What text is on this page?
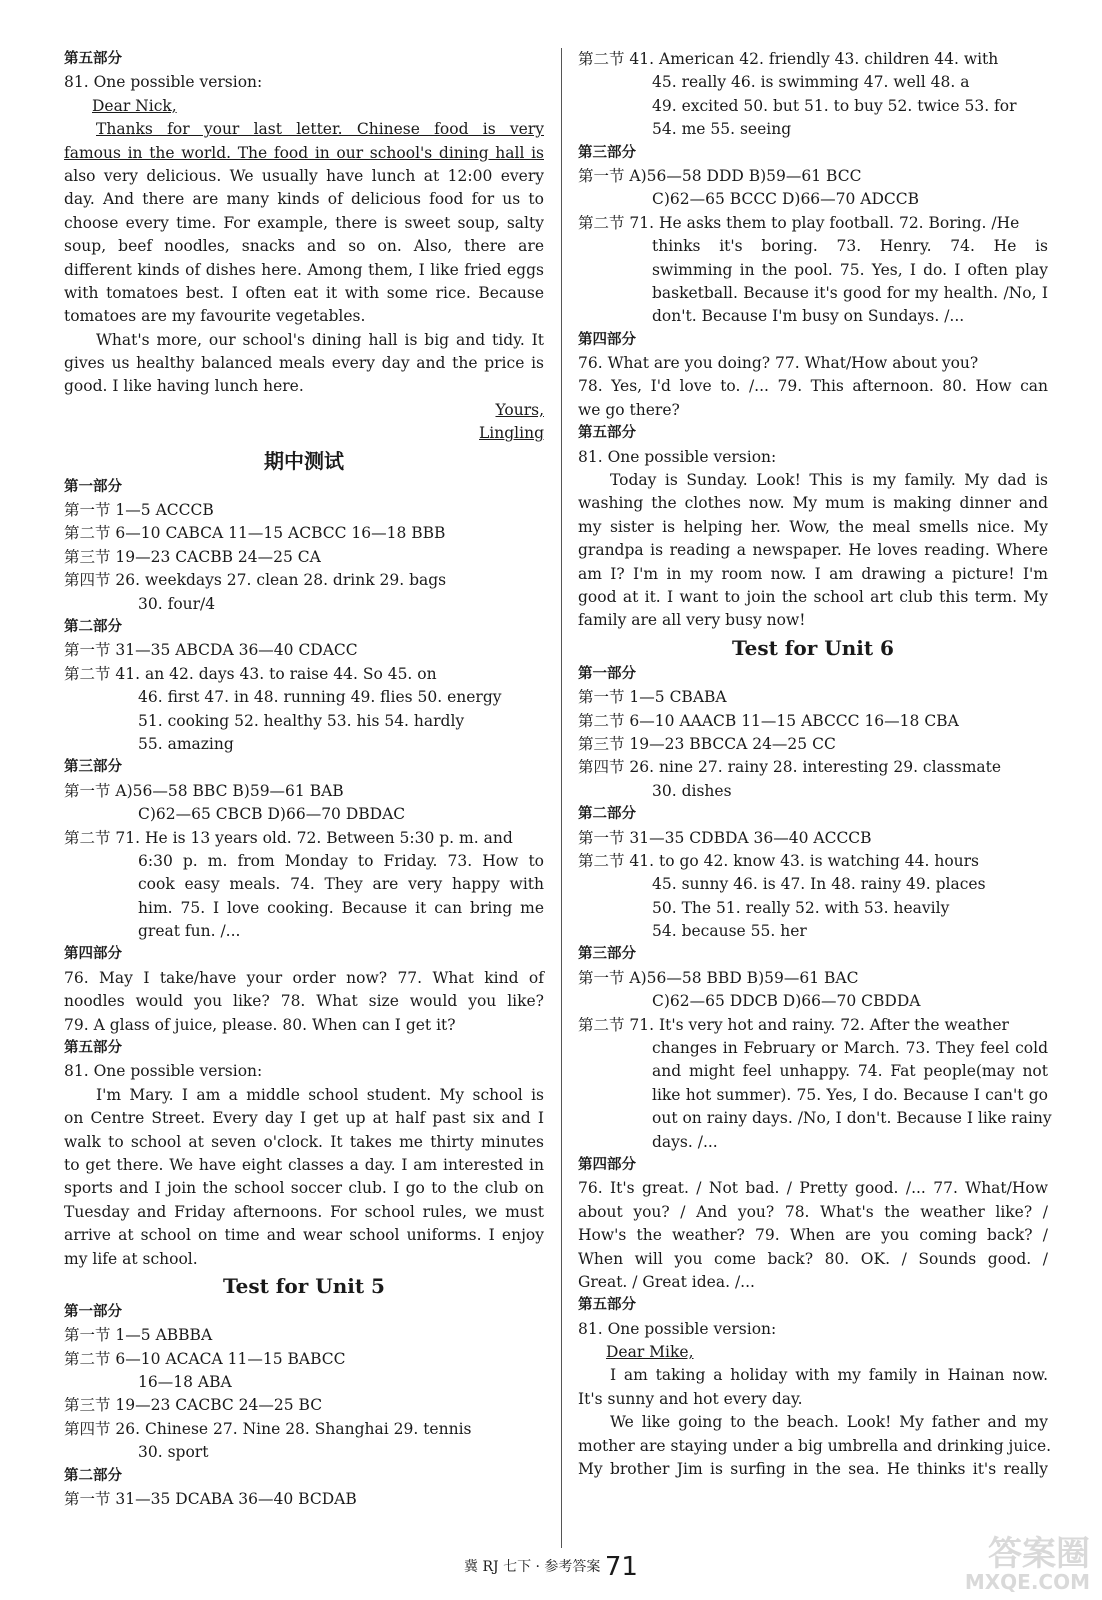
第五部分
81. One possible version:
Dear Nick,
Thanks for your last letter. Chinese food is very
famous in the world. The food in our school's dining hall is
also very delicious. We usually have lunch at 12:00 every
day. And there are many kinds of delicious food for us to
choose every time. For example, there is sweet soup, salty
soup, beef noodles, snacks and so on. Also, there are
different kinds of dishes here. Among them, I like fried eggs
with tomatoes best. I often eat it with some rice. Because
tomatoes are my favourite vegetables.
What's more, our school's dining hall is big and tidy. It
gives us healthy balanced meals every day and the price is
good. I like having lunch here.
Yours,
Lingling
期中测试
第一部分
第一节 1—5 ACCCB
第二节 6—10 CABCA 11—15 ACBCC 16—18 BBB
第三节 19—23 CACBB 24—25 CA
第四节 26. weekdays 27. clean 28. drink 29. bags
30. four/4
第二部分
第一节 31—35 ABCDA 36—40 CDACC
第二节 41. an 42. days 43. to raise 44. So 45. on
46. first 47. in 48. running 49. flies 50. energy
51. cooking 52. healthy 53. his 54. hardly
55. amazing
第三部分
第一节 A)56—58 BBC B)59—61 BAB
C)62—65 CBCB D)66—70 DBDAC
第二节 71. He is 13 years old. 72. Between 5:30 p. m. and
6:30 p. m. from Monday to Friday. 73. How to
cook easy meals. 74. They are very happy with
him. 75. I love cooking. Because it can bring me
great fun. /...
第四部分
76. May I take/have your order now? 77. What kind of
noodles would you like? 78. What size would you like?
79. A glass of juice, please. 80. When can I get it?
第五部分
81. One possible version:
I'm Mary. I am a middle school student. My school is
on Centre Street. Every day I get up at half past six and I
walk to school at seven o'clock. It takes me thirty minutes
to get there. We have eight classes a day. I am interested in
sports and I join the school soccer club. I go to the club on
Tuesday and Friday afternoons. For school rules, we must
arrive at school on time and wear school uniforms. I enjoy
my life at school.
Test for Unit 5
第一部分
第一节 1—5 ABBBA
第二节 6—10 ACACA 11—15 BABCC
16—18 ABA
第三节 19—23 CACBC 24—25 BC
第四节 26. Chinese 27. Nine 28. Shanghai 29. tennis
30. sport
第二部分
第一节 31—35 DCABA 36—40 BCDAB
第二节 41. American 42. friendly 43. children 44. with
45. really 46. is swimming 47. well 48. a
49. excited 50. but 51. to buy 52. twice 53. for
54. me 55. seeing
第三部分
第一节 A)56—58 DDD B)59—61 BCC
C)62—65 BCCC D)66—70 ADCCB
第二节 71. He asks them to play football. 72. Boring. /He
thinks it's boring. 73. Henry. 74. He is
swimming in the pool. 75. Yes, I do. I often play
basketball. Because it's good for my health. /No, I
don't. Because I'm busy on Sundays. /...
第四部分
76. What are you doing? 77. What/How about you?
78. Yes, I'd love to. /... 79. This afternoon. 80. How can
we go there?
第五部分
81. One possible version:
Today is Sunday. Look! This is my family. My dad is
washing the clothes now. My mum is making dinner and
my sister is helping her. Wow, the meal smells nice. My
grandpa is reading a newspaper. He loves reading. Where
am I? I'm in my room now. I am drawing a picture! I'm
good at it. I want to join the school art club this term. My
family are all very busy now!
Test for Unit 6
第一部分
第一节 1—5 CBABA
第二节 6—10 AAACB 11—15 ABCCC 16—18 CBA
第三节 19—23 BBCCA 24—25 CC
第四节 26. nine 27. rainy 28. interesting 29. classmate
30. dishes
第二部分
第一节 31—35 CDBDA 36—40 ACCCB
第二节 41. to go 42. know 43. is watching 44. hours
45. sunny 46. is 47. In 48. rainy 49. places
50. The 51. really 52. with 53. heavily
54. because 55. her
第三部分
第一节 A)56—58 BBD B)59—61 BAC
C)62—65 DDCB D)66—70 CBDDA
第二节 71. It's very hot and rainy. 72. After the weather
changes in February or March. 73. They feel cold
and might feel unhappy. 74. Fat people(may not
like hot summer). 75. Yes, I do. Because I can't go
out on rainy days. /No, I don't. Because I like rainy
days. /...
第四部分
76. It's great. / Not bad. / Pretty good. /... 77. What/How
about you? / And you? 78. What's the weather like? /
How's the weather? 79. When are you coming back? /
When will you come back? 80. OK. / Sounds good. /
Great. / Great idea. /...
第五部分
81. One possible version:
Dear Mike,
I am taking a holiday with my family in Hainan now.
It's sunny and hot every day.
We like going to the beach. Look! My father and my
mother are staying under a big umbrella and drinking juice.
My brother Jim is surfing in the sea. He thinks it's really
冀 RJ 七下 · 参考答案 71	答案圈
MXQE.COM
